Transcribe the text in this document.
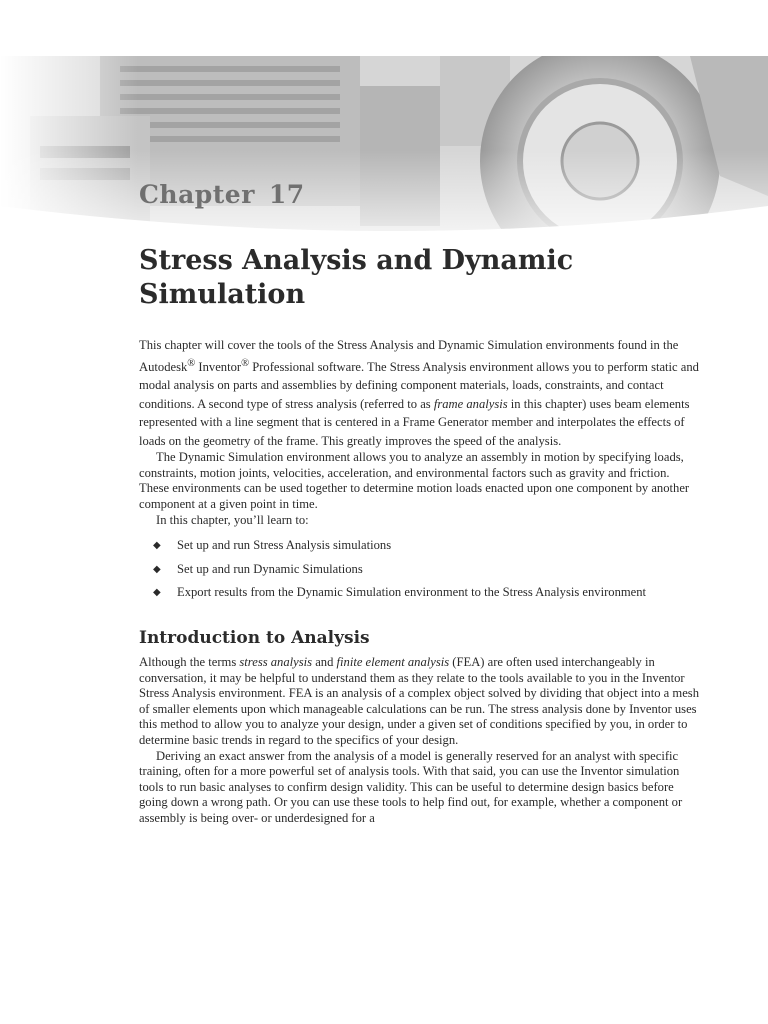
Chapter 17
Stress Analysis and Dynamic Simulation

This chapter will cover the tools of the Stress Analysis and Dynamic Simulation environments found in the Autodesk® Inventor® Professional software. The Stress Analysis environment allows you to perform static and modal analysis on parts and assemblies by defining component materials, loads, constraints, and contact conditions. A second type of stress analysis (referred to as frame analysis in this chapter) uses beam elements represented with a line segment that is centered in a Frame Generator member and interpolates the effects of loads on the geometry of the frame. This greatly improves the speed of the analysis.

The Dynamic Simulation environment allows you to analyze an assembly in motion by specifying loads, constraints, motion joints, velocities, acceleration, and environmental factors such as gravity and friction. These environments can be used together to determine motion loads enacted upon one component by another component at a given point in time.

In this chapter, you’ll learn to:

◆ Set up and run Stress Analysis simulations
◆ Set up and run Dynamic Simulations
◆ Export results from the Dynamic Simulation environment to the Stress Analysis environment
Introduction to Analysis

Although the terms stress analysis and finite element analysis (FEA) are often used interchangeably in conversation, it may be helpful to understand them as they relate to the tools available to you in the Inventor Stress Analysis environment. FEA is an analysis of a complex object solved by dividing that object into a mesh of smaller elements upon which manageable calculations can be run. The stress analysis done by Inventor uses this method to allow you to analyze your design, under a given set of conditions specified by you, in order to determine basic trends in regard to the specifics of your design.

Deriving an exact answer from the analysis of a model is generally reserved for an analyst with specific training, often for a more powerful set of analysis tools. With that said, you can use the Inventor simulation tools to run basic analyses to confirm design validity. This can be useful to determine design basics before going down a wrong path. Or you can use these tools to help find out, for example, whether a component or assembly is being over- or underdesigned for a
